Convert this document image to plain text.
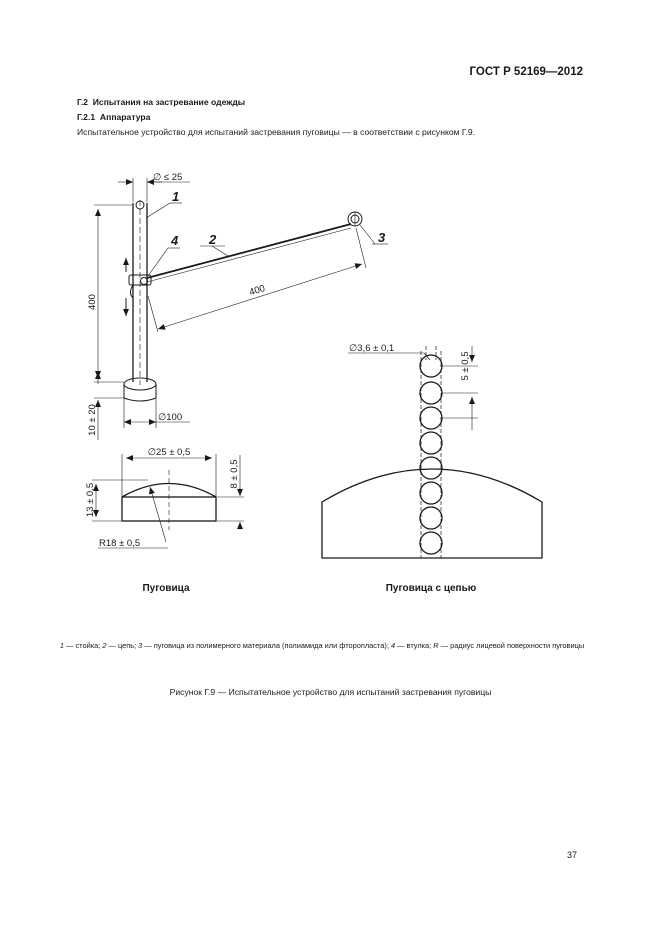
ГОСТ Р 52169—2012
Г.2 Испытания на застревание одежды
Г.2.1 Аппаратура
Испытательное устройство для испытаний застревания пуговицы — в соответствии с рисунком Г.9.
1
2	3
4
∅ ≤ 25
400
10 ± 20	∅100
400
∅25 ± 0,5
13 ± 0,5
8 ± 0,5
R18 ± 0,5
∅3,6 ± 0,1
5 ± 0,5
Пуговица	Пуговица с цепью
1 — стойка; 2 — цепь; 3 — пуговица из полимерного материала (полиамида или фторопласта); 4 — втулка; R — радиус лицевой поверхности пуговицы
Рисунок Г.9 — Испытательное устройство для испытаний застревания пуговицы
37
